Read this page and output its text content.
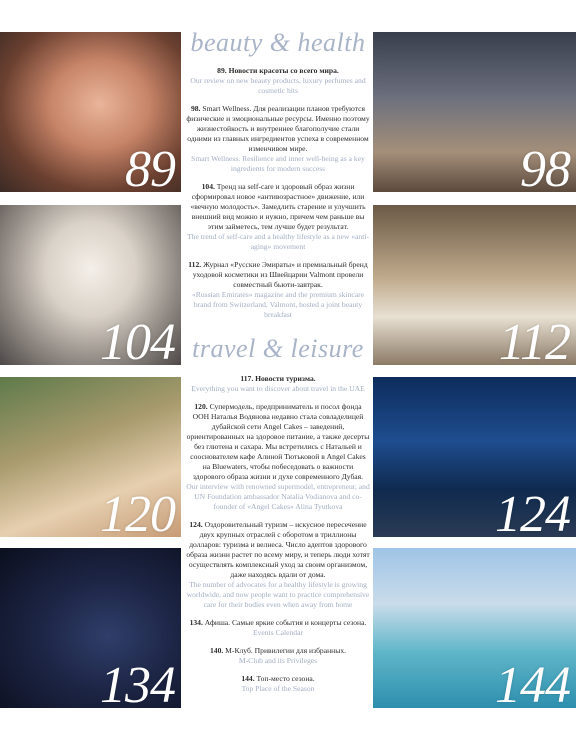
89
104
120
134
98
112
124
144
beauty & health
travel & leisure
89. Новости красоты со всего мира.
Our review on new beauty products, luxury perfumes and cosmetic hits
98. Smart Wellness. Для реализации планов требуются физические и эмоциональные ресурсы. Именно поэтому жизнестойкость и внутреннее благополучие стали одними из главных ингредиентов успеха в современном изменчивом мире.
Smart Wellness. Resilience and inner well-being as a key ingredients for modern success
104. Тренд на self-care и здоровый образ жизни сформировал новое «антивозрастное» движение, или «вечную молодость». Замедлить старение и улучшить внешний вид можно и нужно, причем чем раньше вы этим займетесь, тем лучше будет результат.
The trend of self-care and a healthy lifestyle as a new «anti-aging» movement
112. Журнал «Русские Эмираты» и премиальный бренд уходовой косметики из Швейцарии Valmont провели совместный бьюти-завтрак.
«Russian Emirates» magazine and the premium skincare brand from Switzerland, Valmont, hosted a joint beauty breakfast
117. Новости туризма.
Everything you want to discover about travel in the UAE
120. Супермодель, предприниматель и посол фонда ООН Наталья Водянова недавно стала совладелицей дубайской сети Angel Cakes – заведений, ориентированных на здоровое питание, а также десерты без глютена и сахара. Мы встретились с Натальей и сооснователем кафе Алиной Тютьковой в Angel Cakes на Bluewaters, чтобы побеседовать о важности здорового образа жизни и духе современного Дубая.
Our interview with renowned supermodel, entrepreneur, and UN Foundation ambassador Natalia Vodianova and co-founder of «Angel Cakes» Alina Tyutkova
124. Оздоровительный туризм – искусное пересечение двух крупных отраслей с оборотом в триллионы долларов: туризма и велнеса. Число адептов здорового образа жизни растет по всему миру, и теперь люди хотят осуществлять комплексный уход за своим организмом, даже находясь вдали от дома.
The number of advocates for a healthy lifestyle is growing worldwide, and now people want to practice comprehensive care for their bodies even when away from home
134. Афиша. Самые яркие события и концерты сезона.
Events Calendar
140. M-Клуб. Привилегии для избранных.
M-Club and its Privileges
144. Топ-место сезона.
Top Place of the Season
